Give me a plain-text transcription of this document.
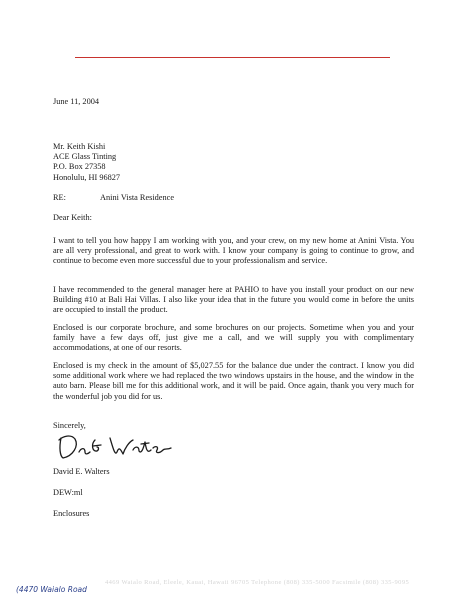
June 11, 2004
Mr. Keith Kishi
ACE Glass Tinting
P.O. Box 27358
Honolulu, HI 96827
RE:	Anini Vista Residence
Dear Keith:
I want to tell you how happy I am working with you, and your crew, on my new home at Anini Vista. You are all very professional, and great to work with. I know your company is going to continue to grow, and continue to become even more successful due to your professionalism and service.
I have recommended to the general manager here at PAHIO to have you install your product on our new Building #10 at Bali Hai Villas. I also like your idea that in the future you would come in before the units are occupied to install the product.
Enclosed is our corporate brochure, and some brochures on our projects. Sometime when you and your family have a few days off, just give me a call, and we will supply you with complimentary accommodations, at one of our resorts.
Enclosed is my check in the amount of $5,027.55 for the balance due under the contract. I know you did some additional work where we had replaced the two windows upstairs in the house, and the window in the auto barn. Please bill me for this additional work, and it will be paid. Once again, thank you very much for the wonderful job you did for us.
Sincerely,
David E. Walters
DEW:ml
Enclosures
4469 Waialo Road, Eleele, Kauai, Hawaii 96705 Telephone (808) 335-5000 Facsimile (808) 335-9095
(4470 Waialo Road
